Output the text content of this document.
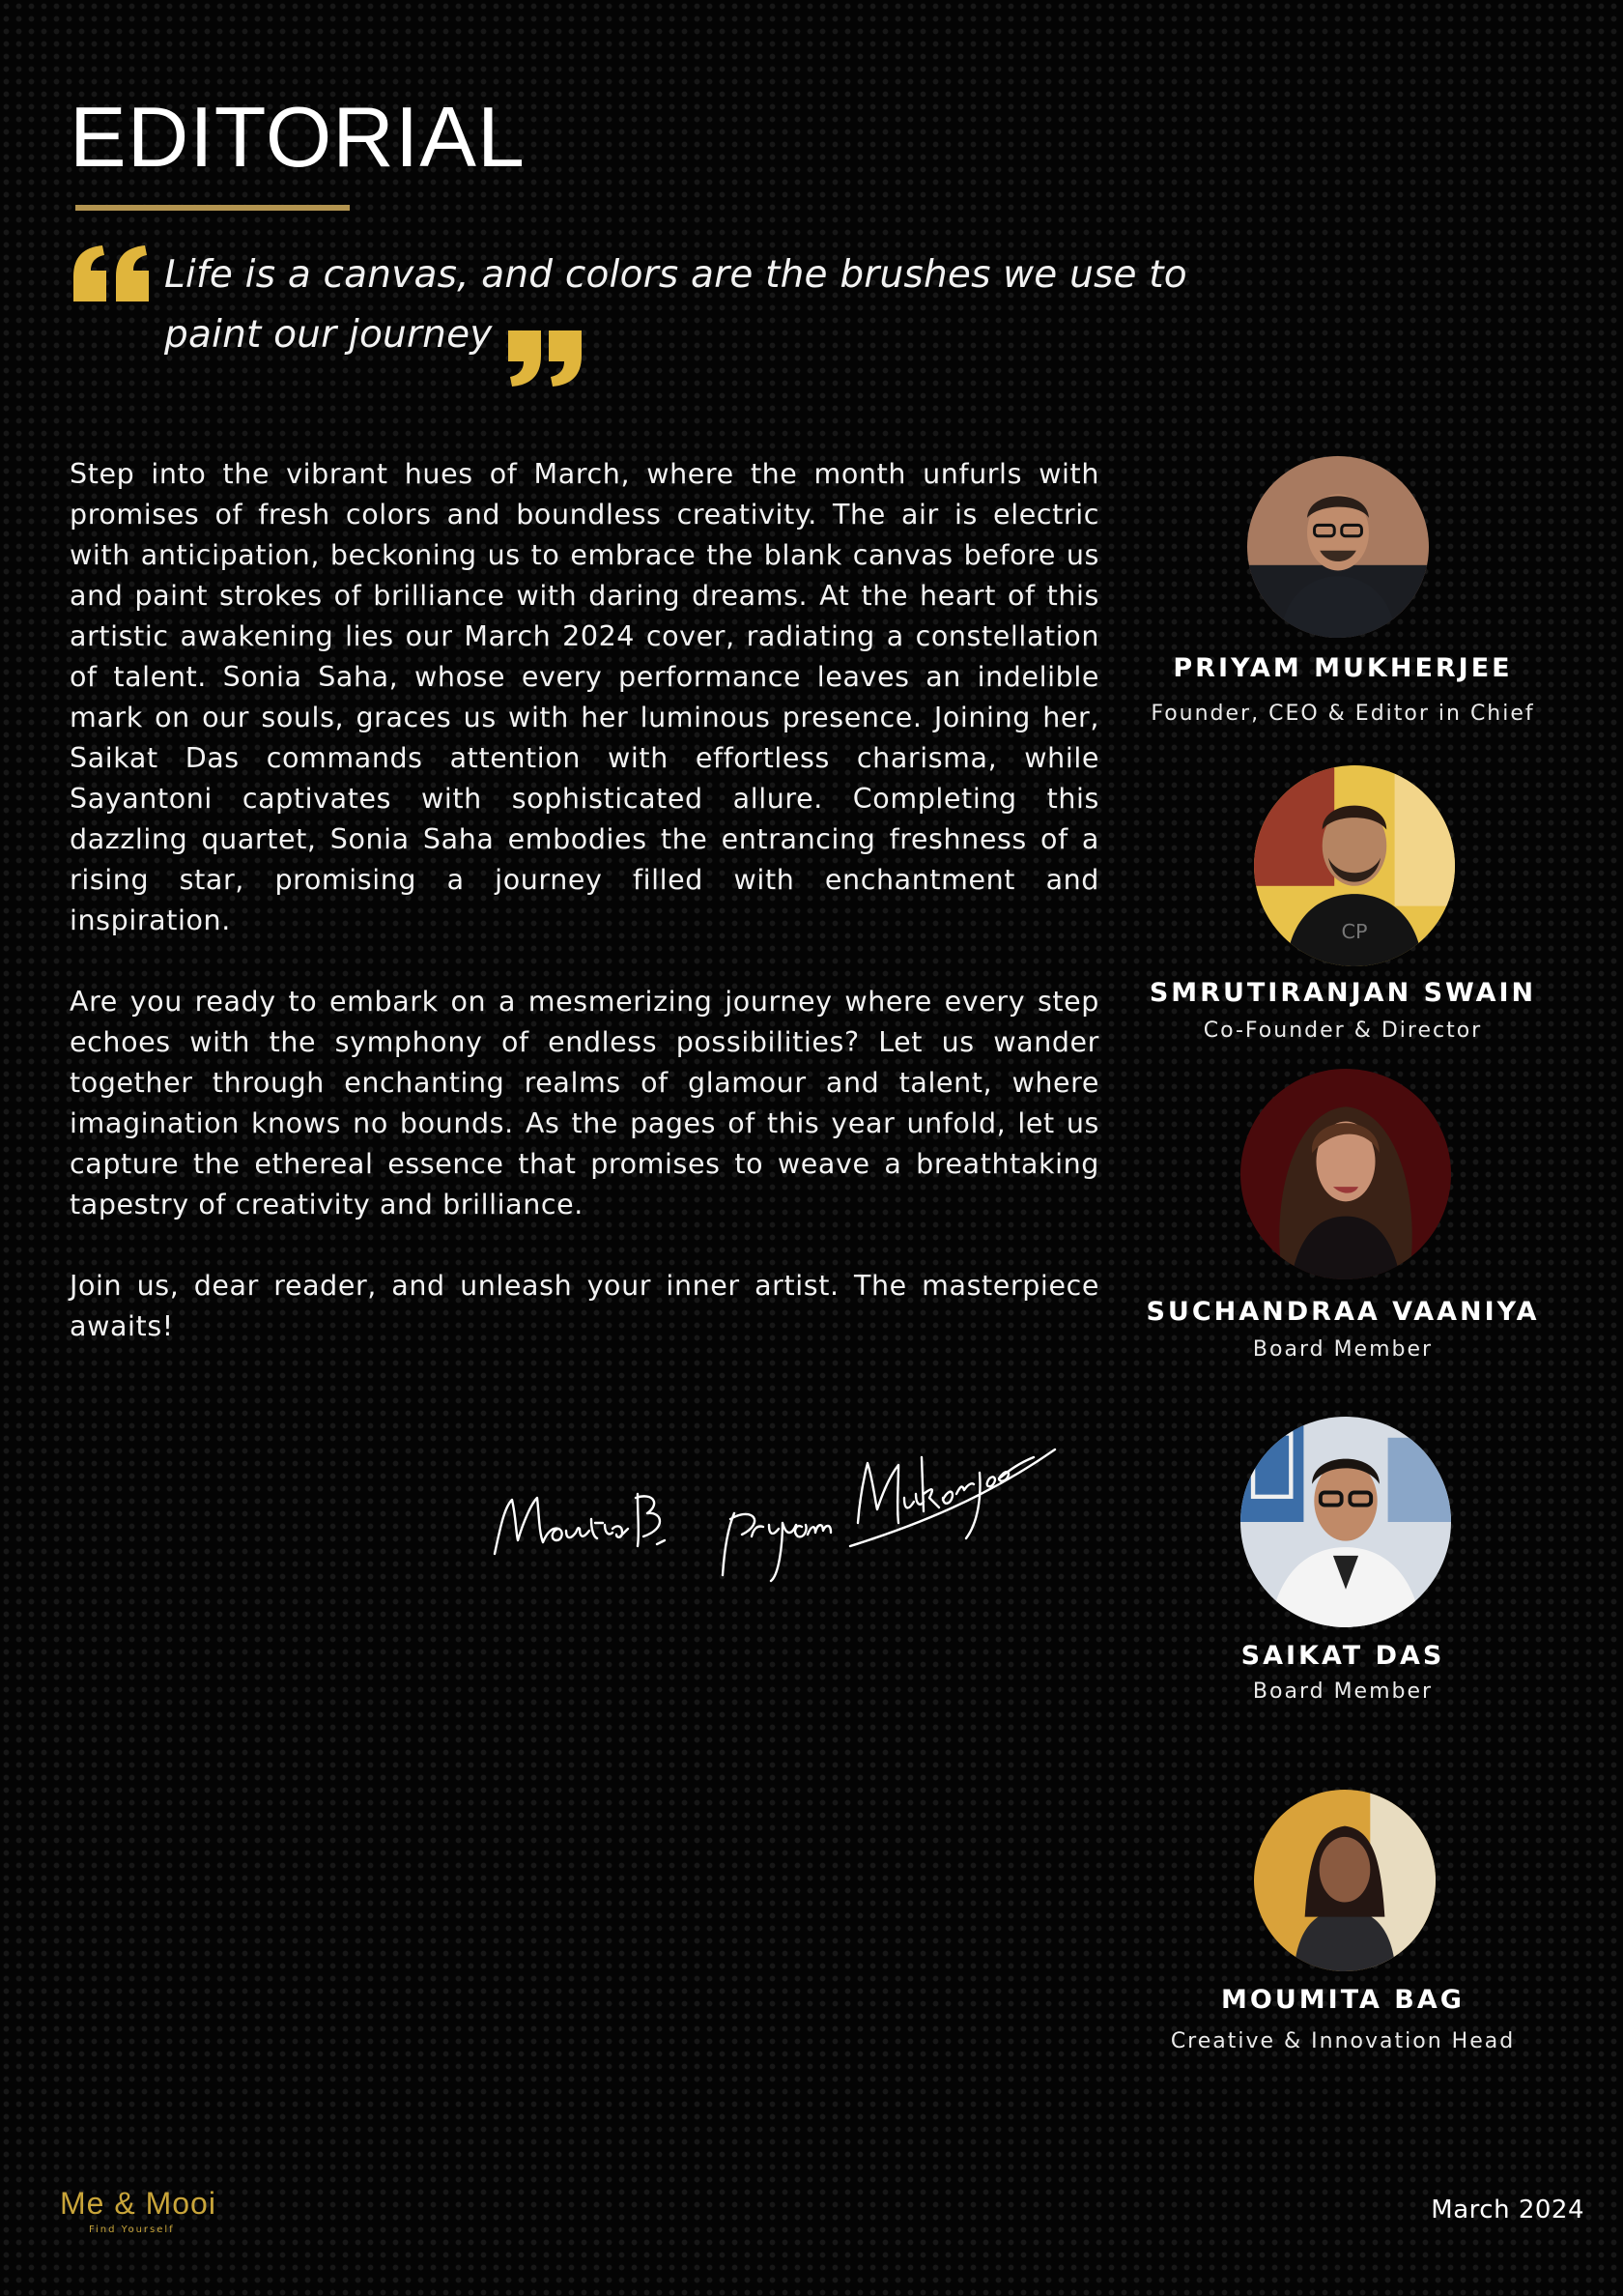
EDITORIAL

Life is a canvas, and colors are the brushes we use to paint our journey

Step into the vibrant hues of March, where the month unfurls with promises of fresh colors and boundless creativity. The air is electric with anticipation, beckoning us to embrace the blank canvas before us and paint strokes of brilliance with daring dreams. At the heart of this artistic awakening lies our March 2024 cover, radiating a constellation of talent. Sonia Saha, whose every performance leaves an indelible mark on our souls, graces us with her luminous presence. Joining her, Saikat Das commands attention with effortless charisma, while Sayantoni captivates with sophisticated allure. Completing this dazzling quartet, Sonia Saha embodies the entrancing freshness of a rising star, promising a journey filled with enchantment and inspiration.

Are you ready to embark on a mesmerizing journey where every step echoes with the symphony of endless possibilities? Let us wander together through enchanting realms of glamour and talent, where imagination knows no bounds. As the pages of this year unfold, let us capture the ethereal essence that promises to weave a breathtaking tapestry of creativity and brilliance.

Join us, dear reader, and unleash your inner artist. The masterpiece awaits!

PRIYAM MUKHERJEE

Founder, CEO & Editor in Chief

CP

SMRUTIRANJAN SWAIN

Co-Founder & Director

SUCHANDRAA VAANIYA

Board Member

SAIKAT DAS

Board Member

MOUMITA BAG

Creative & Innovation Head

Me & Mooi
Find Yourself
March 2024
